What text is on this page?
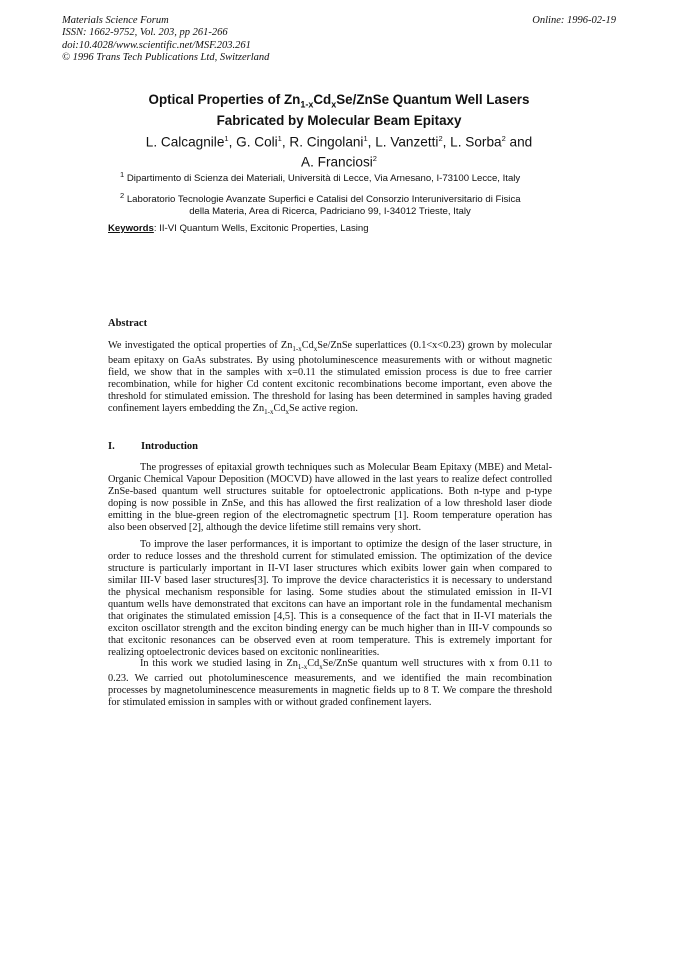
Materials Science Forum
ISSN: 1662-9752, Vol. 203, pp 261-266
doi:10.4028/www.scientific.net/MSF.203.261
© 1996 Trans Tech Publications Ltd, Switzerland
Online: 1996-02-19
Optical Properties of $Zn_{1-x}Cd_xSe$/ZnSe Quantum Well Lasers
Fabricated by Molecular Beam Epitaxy
L. Calcagnile$^1$, G. Coli$^1$, R. Cingolani$^1$, L. Vanzetti$^2$, L. Sorba$^2$ and
A. Franciosi$^2$
$^1$ Dipartimento di Scienza dei Materiali, Università di Lecce, Via Arnesano, I-73100 Lecce, Italy
$^2$ Laboratorio Tecnologie Avanzate Superfici e Catalisi del Consorzio Interuniversitario di Fisica
della Materia, Area di Ricerca, Padriciano 99, I-34012 Trieste, Italy
Keywords: II-VI Quantum Wells, Excitonic Properties, Lasing
Abstract
We investigated the optical properties of $Zn_{1-x}Cd_xSe$/ZnSe superlattices (0.1<x<0.23) grown by molecular beam epitaxy on GaAs substrates. By using photoluminescence measurements with or without magnetic field, we show that in the samples with x=0.11 the stimulated emission process is due to free carrier recombination, while for higher Cd content excitonic recombinations become important, even above the threshold for stimulated emission. The threshold for lasing has been determined in samples having graded confinement layers embedding the $Zn_{1-x}Cd_xSe$ active region.
I.	Introduction
The progresses of epitaxial growth techniques such as Molecular Beam Epitaxy (MBE) and Metal-Organic Chemical Vapour Deposition (MOCVD) have allowed in the last years to realize defect controlled ZnSe-based quantum well structures suitable for optoelectronic applications. Both n-type and p-type doping is now possible in ZnSe, and this has allowed the first realization of a low threshold laser diode emitting in the blue-green region of the electromagnetic spectrum [1]. Room temperature operation has also been observed [2], although the device lifetime still remains very short.
To improve the laser performances, it is important to optimize the design of the laser structure, in order to reduce losses and the threshold current for stimulated emission. The optimization of the device structure is particularly important in II-VI laser structures which exibits lower gain when compared to similar III-V based laser structures[3]. To improve the device characteristics it is necessary to understand the physical mechanism responsible for lasing. Some studies about the stimulated emission in II-VI quantum wells have demonstrated that excitons can have an important role in the fundamental mechanism that originates the stimulated emission [4,5]. This is a consequence of the fact that in II-VI materials the exciton oscillator strength and the exciton binding energy can be much higher than in III-V compounds so that excitonic resonances can be observed even at room temperature. This is extremely important for realizing optoelectronic devices based on excitonic nonlinearities.
In this work we studied lasing in $Zn_{1-x}Cd_xSe$/ZnSe quantum well structures with x from 0.11 to 0.23. We carried out photoluminescence measurements, and we identified the main recombination processes by magnetoluminescence measurements in magnetic fields up to 8 T. We compare the threshold for stimulated emission in samples with or without graded confinement layers.
